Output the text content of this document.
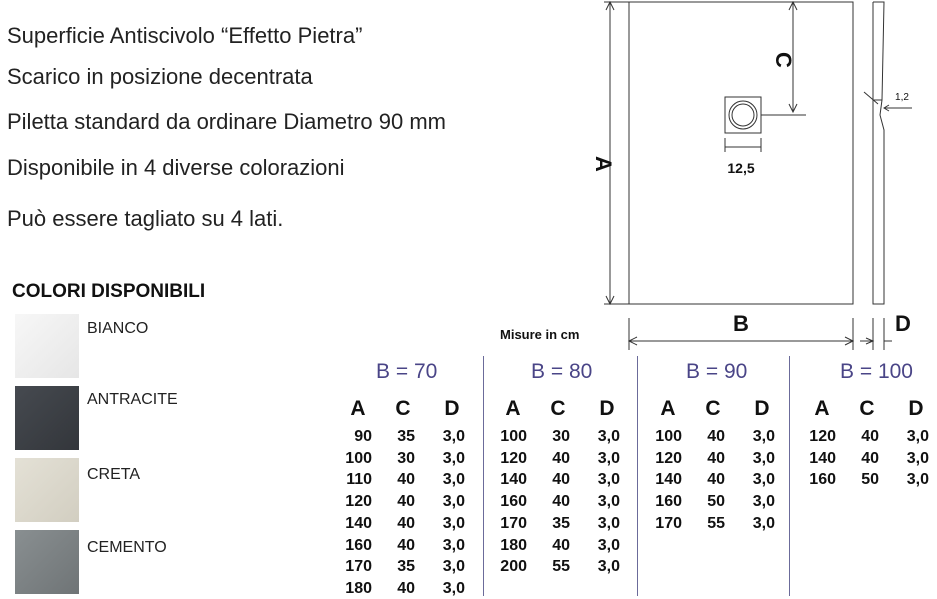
Superficie Antiscivolo “Effetto Pietra”
Scarico in posizione decentrata
Piletta standard da ordinare Diametro 90 mm
Disponibile in 4 diverse colorazioni
Può essere tagliato su 4 lati.
COLORI DISPONIBILI
BIANCO
ANTRACITE
CRETA
CEMENTO
A
C
12,5
B	D
1,2
Misure in cm
B = 70
A	C	D
90	35	3,0
100	30	3,0
110	40	3,0
120	40	3,0
140	40	3,0
160	40	3,0
170	35	3,0
180	40	3,0
B = 80
A	C	D
100	30	3,0
120	40	3,0
140	40	3,0
160	40	3,0
170	35	3,0
180	40	3,0
200	55	3,0
B = 90
A	C	D
100	40	3,0
120	40	3,0
140	40	3,0
160	50	3,0
170	55	3,0
B = 100
A	C	D
120	40	3,0
140	40	3,0
160	50	3,0
